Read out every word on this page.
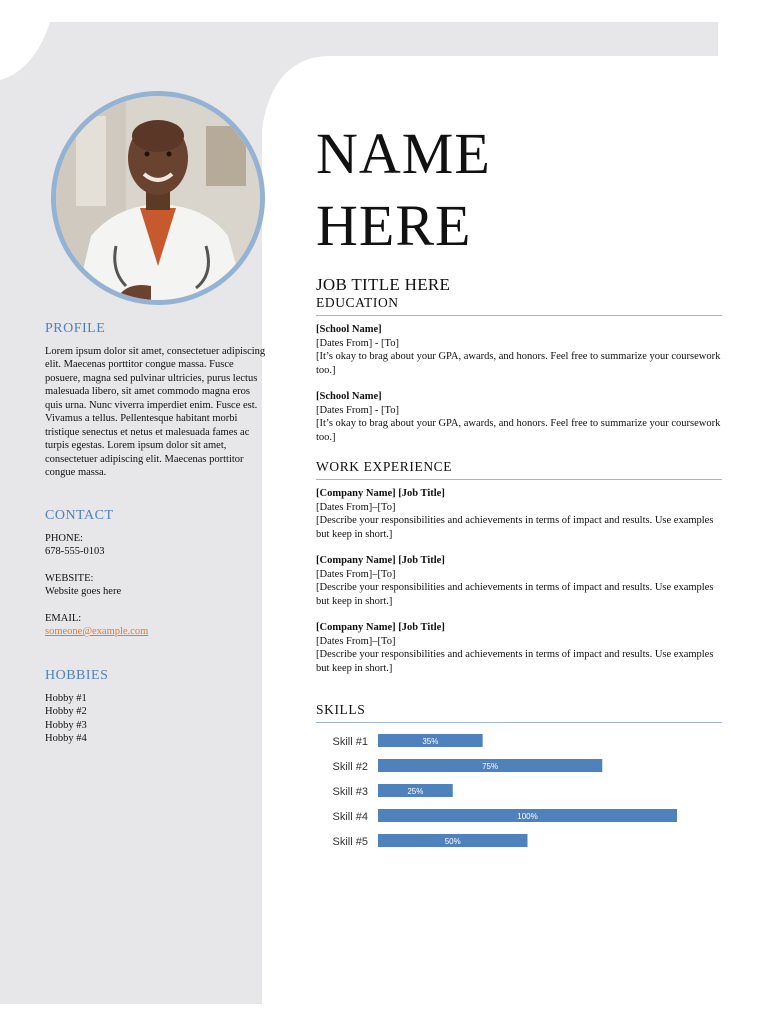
PROFILE

Lorem ipsum dolor sit amet, consectetuer adipiscing elit. Maecenas porttitor congue massa. Fusce posuere, magna sed pulvinar ultricies, purus lectus malesuada libero, sit amet commodo magna eros quis urna. Nunc viverra imperdiet enim. Fusce est. Vivamus a tellus. Pellentesque habitant morbi tristique senectus et netus et malesuada fames ac turpis egestas. Lorem ipsum dolor sit amet, consectetuer adipiscing elit. Maecenas porttitor congue massa.

CONTACT
PHONE:
678-555-0103
WEBSITE:
Website goes here
EMAIL:
someone@example.com
HOBBIES
Hobby #1
Hobby #2
Hobby #3
Hobby #4
NAME
HERE
JOB TITLE HERE
EDUCATION
[School Name]
[Dates From] - [To]
[It’s okay to brag about your GPA, awards, and honors. Feel free to summarize your coursework too.]
[School Name]
[Dates From] - [To]
[It’s okay to brag about your GPA, awards, and honors. Feel free to summarize your coursework too.]
WORK EXPERIENCE
[Company Name] [Job Title]
[Dates From]–[To]
[Describe your responsibilities and achievements in terms of impact and results. Use examples but keep in short.]
[Company Name] [Job Title]
[Dates From]–[To]
[Describe your responsibilities and achievements in terms of impact and results. Use examples but keep in short.]
[Company Name] [Job Title]
[Dates From]–[To]
[Describe your responsibilities and achievements in terms of impact and results. Use examples but keep in short.]
SKILLS
Skill #1	35%
Skill #2	75%
Skill #3	25%
Skill #4	100%
Skill #5	50%
